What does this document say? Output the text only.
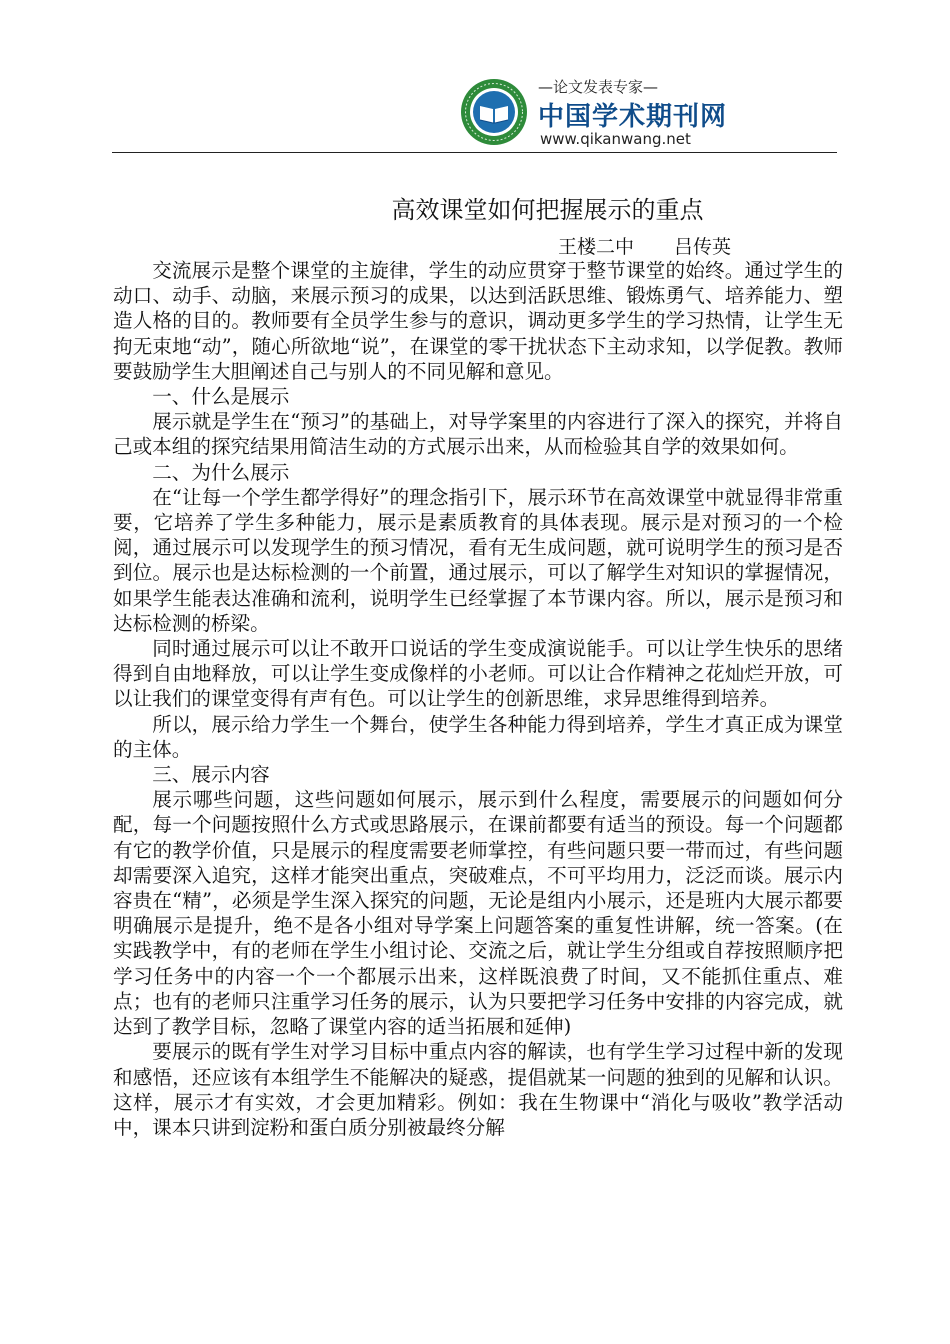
—论文发表专家—
中国学术期刊网
www.qikanwang.net
高效课堂如何把握展示的重点
王楼二中 吕传英

交流展示是整个课堂的主旋律，学生的动应贯穿于整节课堂的始终。通过学生的动口、动手、动脑，来展示预习的成果，以达到活跃思维、锻炼勇气、培养能力、塑造人格的目的。教师要有全员学生参与的意识，调动更多学生的学习热情，让学生无拘无束地“动”，随心所欲地“说”，在课堂的零干扰状态下主动求知，以学促教。教师要鼓励学生大胆阐述自己与别人的不同见解和意见。

一、什么是展示

展示就是学生在“预习”的基础上，对导学案里的内容进行了深入的探究，并将自己或本组的探究结果用简洁生动的方式展示出来，从而检验其自学的效果如何。

二、为什么展示

在“让每一个学生都学得好”的理念指引下，展示环节在高效课堂中就显得非常重要，它培养了学生多种能力，展示是素质教育的具体表现。展示是对预习的一个检阅，通过展示可以发现学生的预习情况，看有无生成问题，就可说明学生的预习是否到位。展示也是达标检测的一个前置，通过展示，可以了解学生对知识的掌握情况，如果学生能表达准确和流利，说明学生已经掌握了本节课内容。所以，展示是预习和达标检测的桥梁。

同时通过展示可以让不敢开口说话的学生变成演说能手。可以让学生快乐的思绪得到自由地释放，可以让学生变成像样的小老师。可以让合作精神之花灿烂开放，可以让我们的课堂变得有声有色。可以让学生的创新思维，求异思维得到培养。

所以，展示给力学生一个舞台，使学生各种能力得到培养，学生才真正成为课堂的主体。

三、展示内容

展示哪些问题，这些问题如何展示，展示到什么程度，需要展示的问题如何分配，每一个问题按照什么方式或思路展示，在课前都要有适当的预设。每一个问题都有它的教学价值，只是展示的程度需要老师掌控，有些问题只要一带而过，有些问题却需要深入追究，这样才能突出重点，突破难点，不可平均用力，泛泛而谈。展示内容贵在“精”，必须是学生深入探究的问题，无论是组内小展示，还是班内大展示都要明确展示是提升，绝不是各小组对导学案上问题答案的重复性讲解，统一答案。(在实践教学中，有的老师在学生小组讨论、交流之后，就让学生分组或自荐按照顺序把学习任务中的内容一个一个都展示出来，这样既浪费了时间，又不能抓住重点、难点；也有的老师只注重学习任务的展示，认为只要把学习任务中安排的内容完成，就达到了教学目标，忽略了课堂内容的适当拓展和延伸)

要展示的既有学生对学习目标中重点内容的解读，也有学生学习过程中新的发现和感悟，还应该有本组学生不能解决的疑惑，提倡就某一问题的独到的见解和认识。这样，展示才有实效，才会更加精彩。例如：我在生物课中“消化与吸收”教学活动中，课本只讲到淀粉和蛋白质分别被最终分解
